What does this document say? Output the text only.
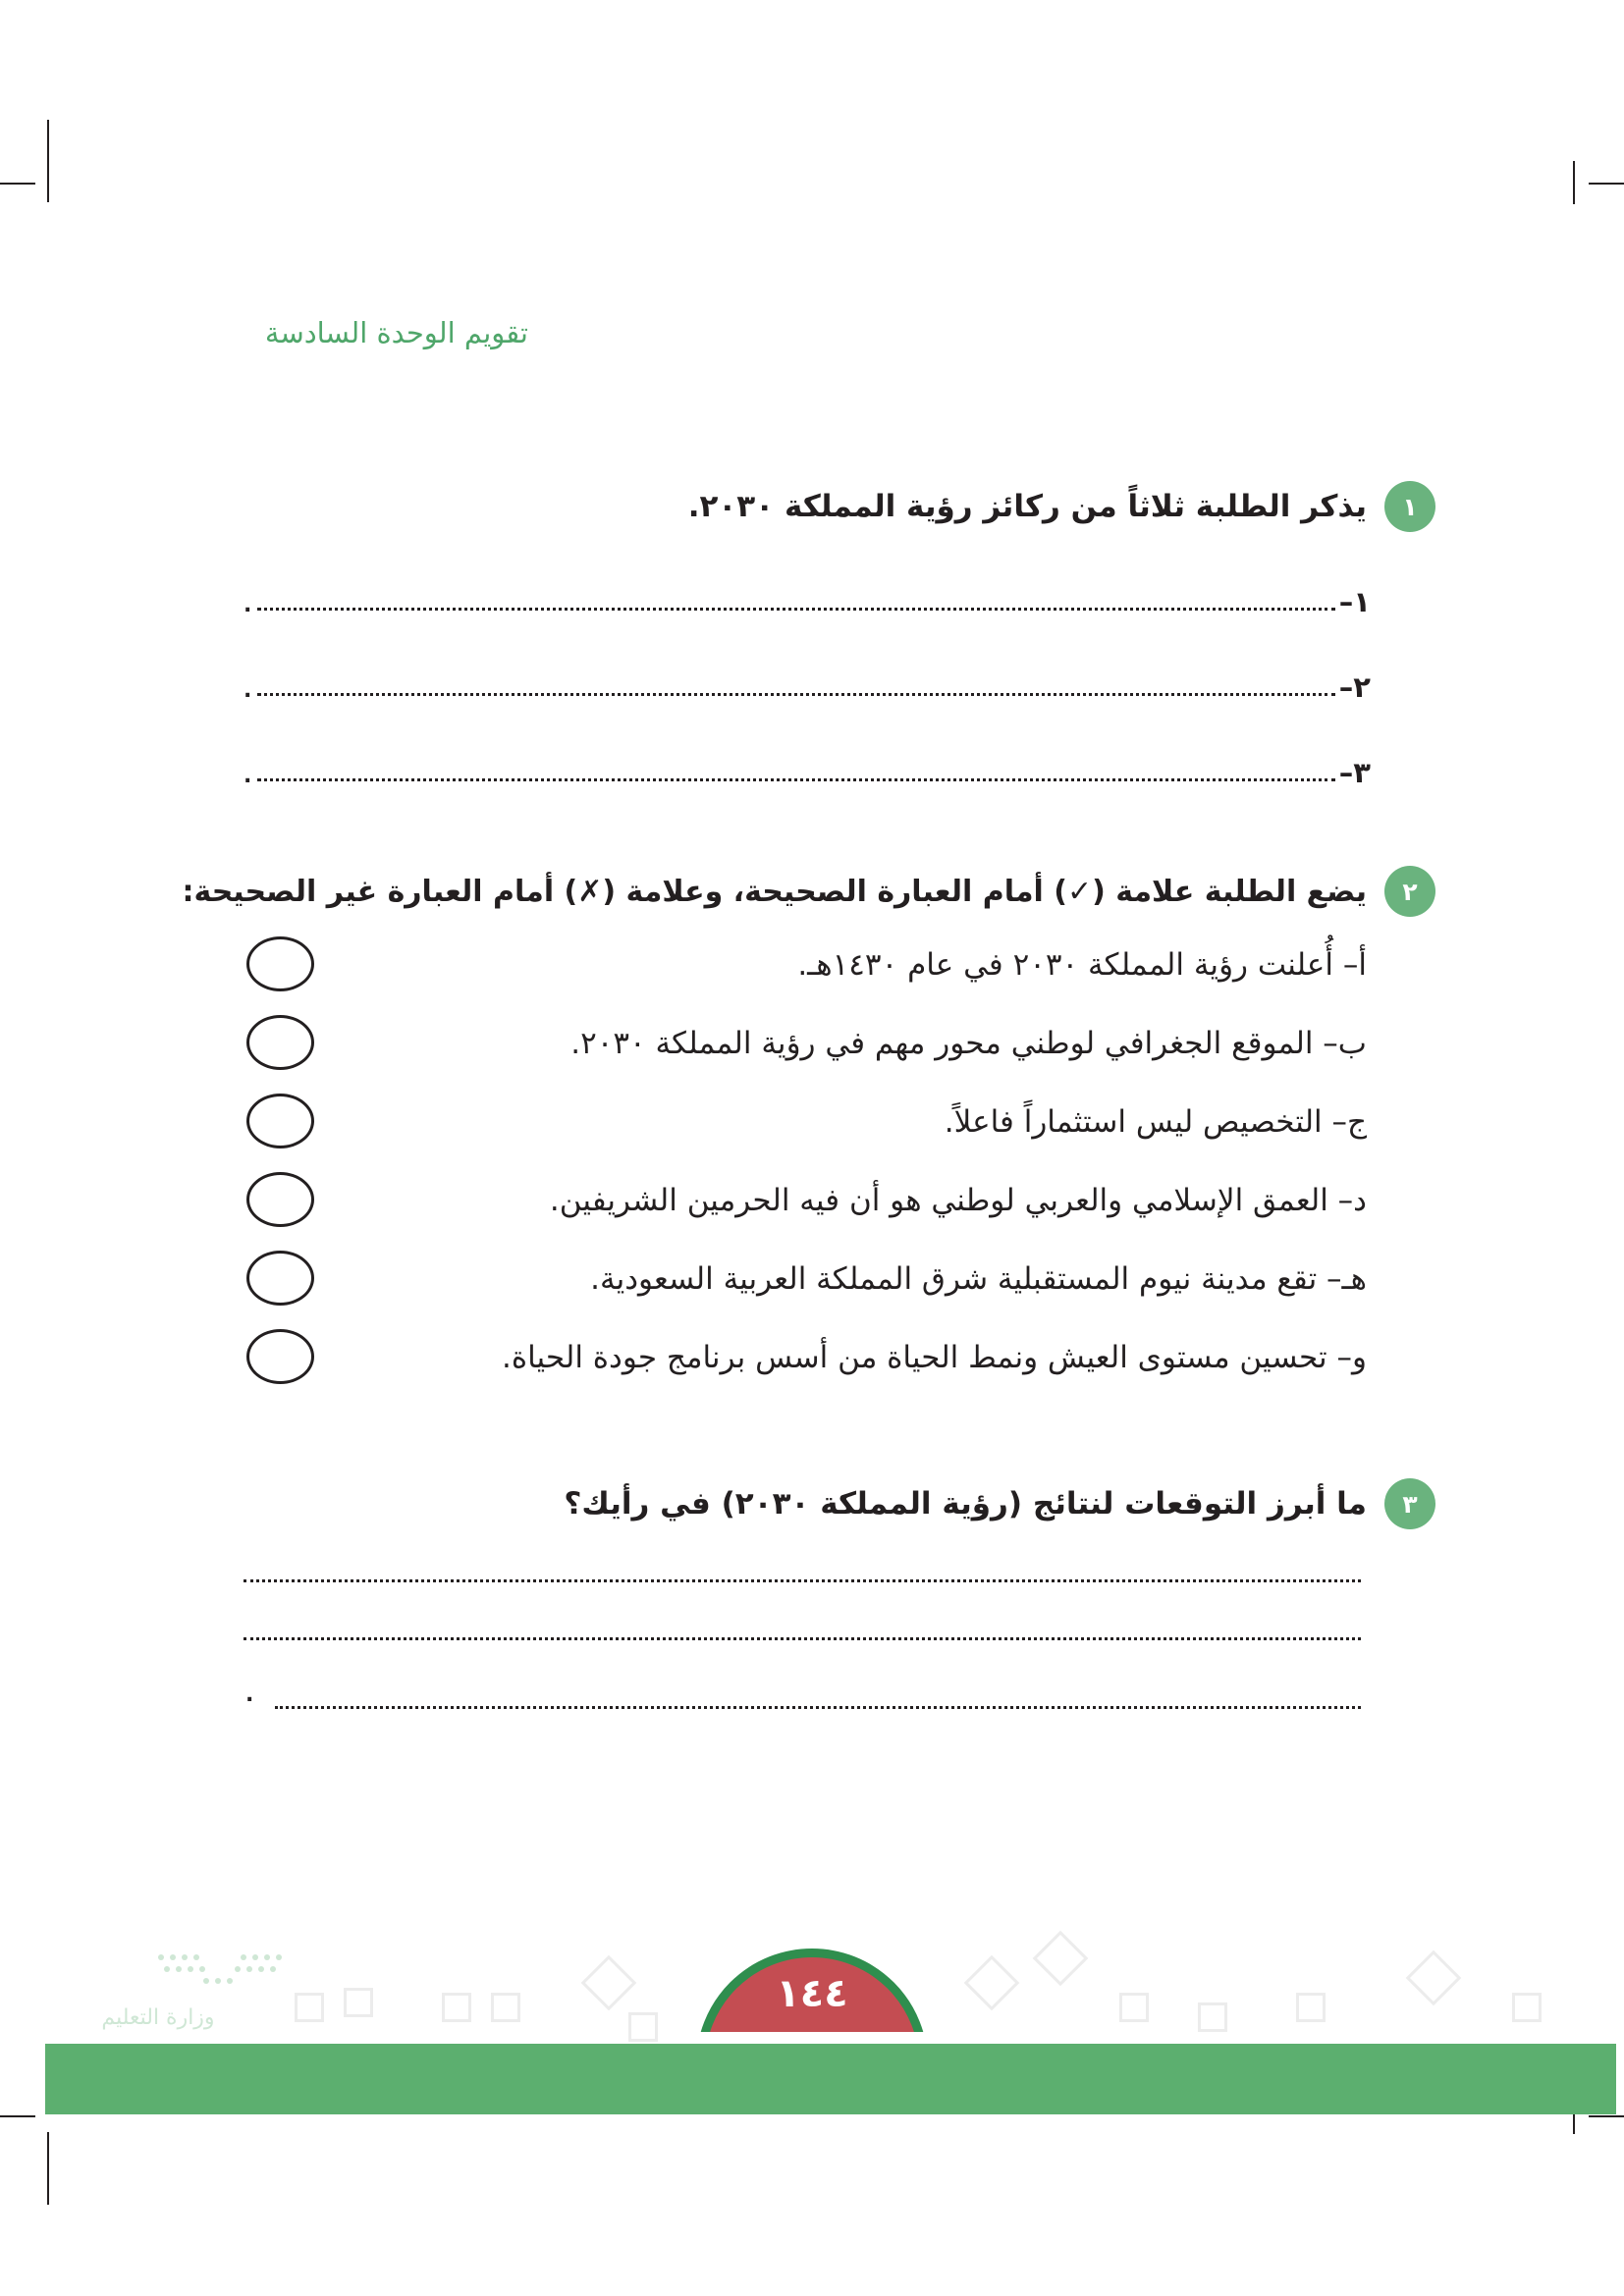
تقويم الوحدة السادسة
١
يذكر الطلبة ثلاثاً من ركائز رؤية المملكة ٢٠٣٠.
١–
.
٢–
.
٣–
.
٢
يضع الطلبة علامة (✓) أمام العبارة الصحيحة، وعلامة (✗) أمام العبارة غير الصحيحة:
أ– أُعلنت رؤية المملكة ٢٠٣٠ في عام ١٤٣٠هـ.
ب– الموقع الجغرافي لوطني محور مهم في رؤية المملكة ٢٠٣٠.
ج– التخصيص ليس استثماراً فاعلاً.
د– العمق الإسلامي والعربي لوطني هو أن فيه الحرمين الشريفين.
هـ– تقع مدينة نيوم المستقبلية شرق المملكة العربية السعودية.
و– تحسين مستوى العيش ونمط الحياة من أسس برنامج جودة الحياة.
٣
ما أبرز التوقعات لنتائج (رؤية المملكة ٢٠٣٠) في رأيك؟
.
وزارة التعليم
١٤٤
